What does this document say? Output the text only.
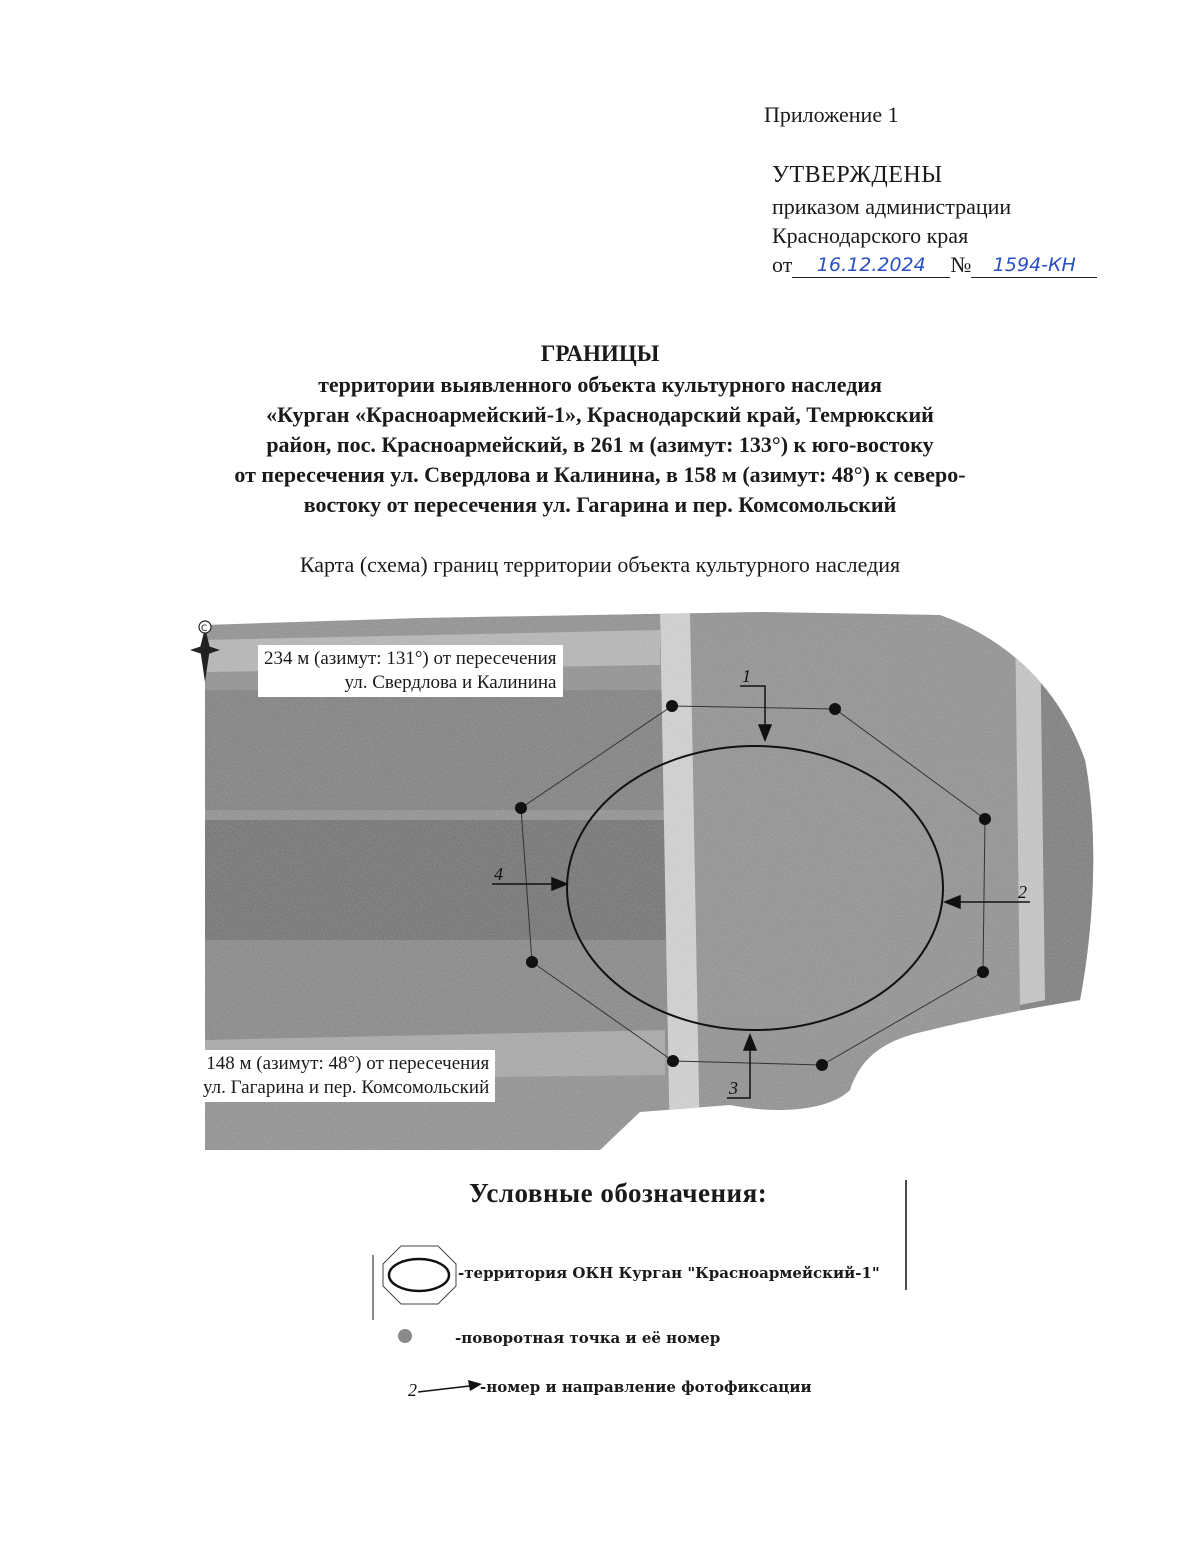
Приложение 1
УТВЕРЖДЕНЫ
приказом администрации
Краснодарского края
от	16.12.2024	№	1594-КН
ГРАНИЦЫ
территории выявленного объекта культурного наследия
«Курган «Красноармейский-1», Краснодарский край, Темрюкский
район, пос. Красноармейский, в 261 м (азимут: 133°) к юго-востоку
от пересечения ул. Свердлова и Калинина, в 158 м (азимут: 48°) к северо-
востоку от пересечения ул. Гагарина и пер. Комсомольский
Карта (схема) границ территории объекта культурного наследия
С
1
2
3
4
2
234 м (азимут: 131°) от пересечения
ул. Свердлова и Калинина
148 м (азимут: 48°) от пересечения
ул. Гагарина и пер. Комсомольский
Условные обозначения:
-территория ОКН Курган "Красноармейский-1"
-поворотная точка и её номер
-номер и направление фотофиксации
